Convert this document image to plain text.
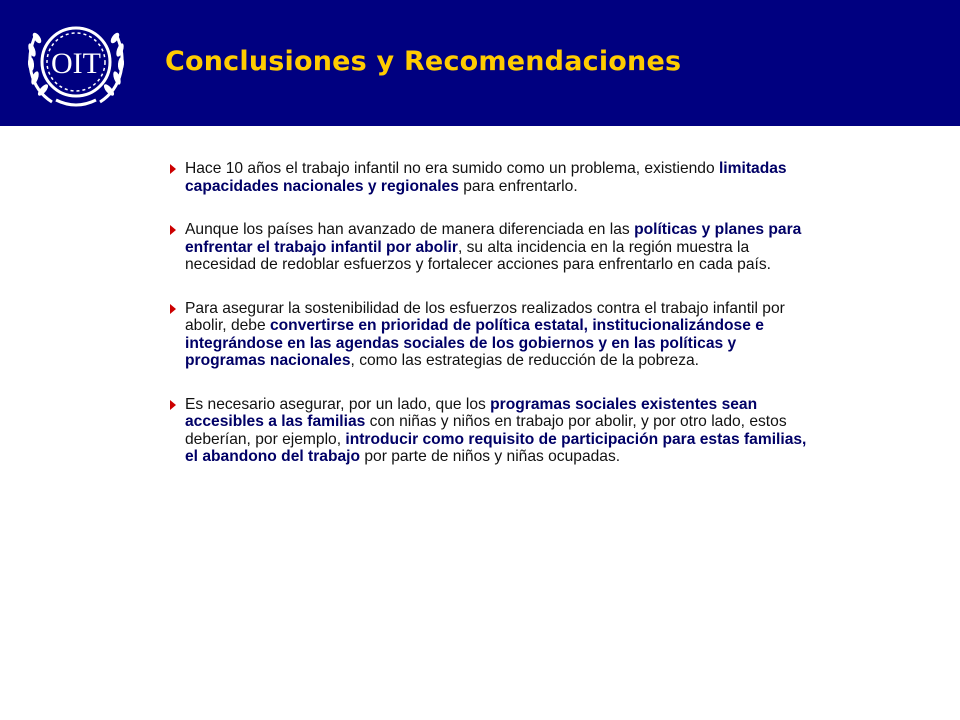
OIT Conclusiones y Recomendaciones
Hace 10 años el trabajo infantil no era sumido como un problema, existiendo limitadas capacidades nacionales y regionales para enfrentarlo.
Aunque los países han avanzado de manera diferenciada en las políticas y planes para enfrentar el trabajo infantil por abolir, su alta incidencia en la región muestra la necesidad de redoblar esfuerzos y fortalecer acciones para enfrentarlo en cada país.
Para asegurar la sostenibilidad de los esfuerzos realizados contra el trabajo infantil por abolir, debe convertirse en prioridad de política estatal, institucionalizándose e integrándose en las agendas sociales de los gobiernos y en las políticas y programas nacionales, como las estrategias de reducción de la pobreza.
Es necesario asegurar, por un lado, que los programas sociales existentes sean accesibles a las familias con niñas y niños en trabajo por abolir, y por otro lado, estos deberían, por ejemplo, introducir como requisito de participación para estas familias, el abandono del trabajo por parte de niños y niñas ocupadas.
